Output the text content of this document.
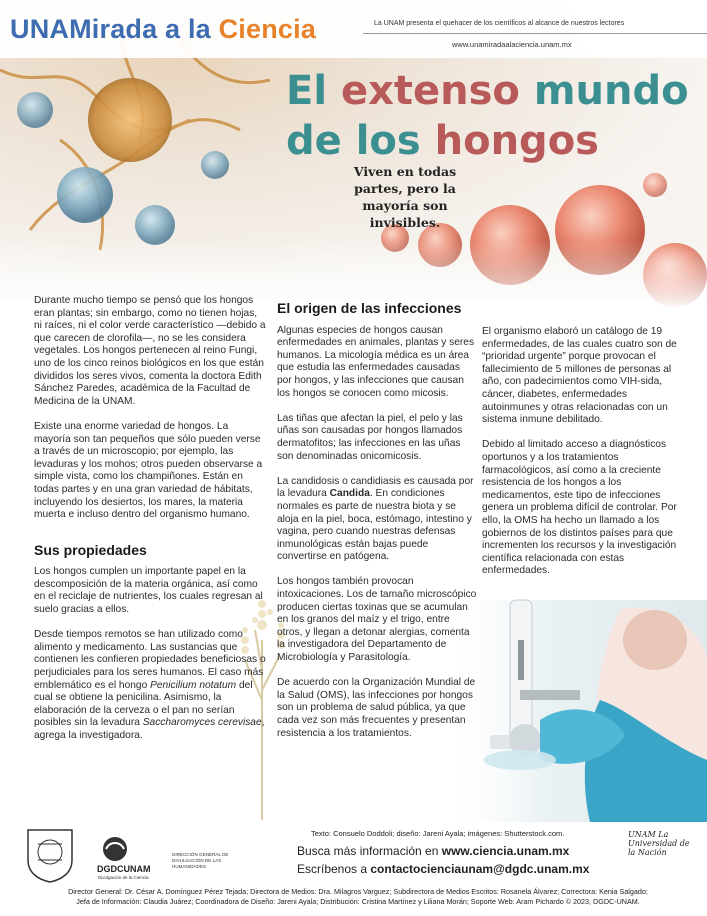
UNAMirada a la Ciencia	La UNAM presenta el quehacer de los científicos al alcance de nuestros lectores
www.unamiradaalaciencia.unam.mx
El extenso mundo
de los hongos
Viven en todas partes, pero la mayoría son invisibles.

Durante mucho tiempo se pensó que los hongos eran plantas; sin embargo, como no tienen hojas, ni raíces, ni el color verde característico —debido a que carecen de clorofila—, no se les considera vegetales. Los hongos pertenecen al reino Fungi, uno de los cinco reinos biológicos en los que están divididos los seres vivos, comenta la doctora Edith Sánchez Paredes, académica de la Facultad de Medicina de la UNAM.

Existe una enorme variedad de hongos. La mayoría son tan pequeños que sólo pueden verse a través de un microscopio; por ejemplo, las levaduras y los mohos; otros pueden observarse a simple vista, como los champiñones. Están en todas partes y en una gran variedad de hábitats, incluyendo los desiertos, los mares, la materia muerta e incluso dentro del organismo humano.

Sus propiedades

Los hongos cumplen un importante papel en la descomposición de la materia orgánica, así como en el reciclaje de nutrientes, los cuales regresan al suelo gracias a ellos.

Desde tiempos remotos se han utilizado como alimento y medicamento. Las sustancias que contienen les confieren propiedades beneficiosas o perjudiciales para los seres humanos. El caso más emblemático es el hongo Penicilium notatum del cual se obtiene la penicilina. Asimismo, la elaboración de la cerveza o el pan no serían posibles sin la levadura Saccharomyces cerevisae, agrega la investigadora.

El origen de las infecciones

Algunas especies de hongos causan enfermedades en animales, plantas y seres humanos. La micología médica es un área que estudia las enfermedades causadas por hongos, y las infecciones que causan los hongos se conocen como micosis.

Las tiñas que afectan la piel, el pelo y las uñas son causadas por hongos llamados dermatofitos; las infecciones en las uñas son denominadas onicomicosis.

La candidosis o candidiasis es causada por la levadura Candida. En condiciones normales es parte de nuestra biota y se aloja en la piel, boca, estómago, intestino y vagina, pero cuando nuestras defensas inmunológicas están bajas puede convertirse en patógena.

Los hongos también provocan intoxicaciones. Los de tamaño microscópico producen ciertas toxinas que se acumulan en los granos del maíz y el trigo, entre otros, y llegan a detonar alergias, comenta la investigadora del Departamento de Microbiología y Parasitología.

De acuerdo con la Organización Mundial de la Salud (OMS), las infecciones por hongos son un problema de salud pública, ya que cada vez son más frecuentes y presentan resistencia a los tratamientos.

El organismo elaboró un catálogo de 19 enfermedades, de las cuales cuatro son de “prioridad urgente” porque provocan el fallecimiento de 5 millones de personas al año, con padecimientos como VIH-sida, cáncer, diabetes, enfermedades autoinmunes y otras relacionadas con un sistema inmune debilitado.

Debido al limitado acceso a diagnósticos oportunos y a los tratamientos farmacológicos, así como a la creciente resistencia de los hongos a los medicamentos, este tipo de infecciones genera un problema difícil de controlar. Por ello, la OMS ha hecho un llamado a los gobiernos de los distintos países para que incrementen los recursos y la investigación científica relacionada con estas enfermedades.

DGDCUNAM
Divulgación de la Ciencia
DIRECCIÓN GENERAL DE DIVULGACIÓN DE LAS HUMANIDADES
Texto: Consuelo Doddoli; diseño: Jareni Ayala; imágenes: Shutterstock.com.
Busca más información en www.ciencia.unam.mx
Escríbenos a contactocienciaunam@dgdc.unam.mx
UNAM La Universidad de la Nación
Director General: Dr. César A. Domínguez Pérez Tejada; Directora de Medios: Dra. Milagros Varguez; Subdirectora de Medios Escritos: Rosanela Álvarez; Correctora: Kenia Salgado;
Jefa de Información: Claudia Juárez; Coordinadora de Diseño: Jareni Ayala; Distribución: Cristina Martínez y Liliana Morán; Soporte Web: Aram Pichardo © 2023, DGDC-UNAM.
